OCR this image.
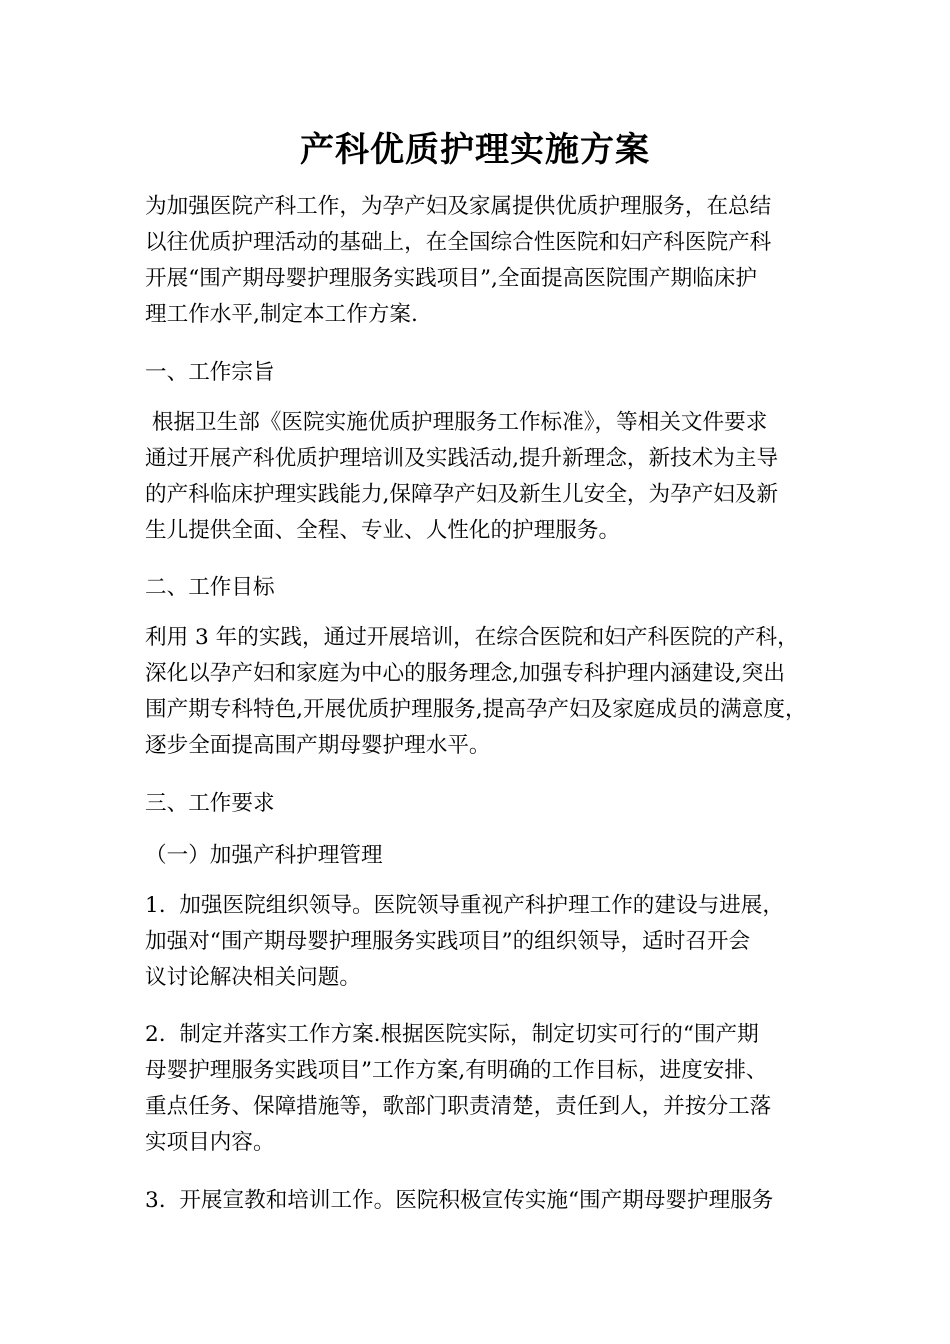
产科优质护理实施方案

为加强医院产科工作，为孕产妇及家属提供优质护理服务，在总结
以往优质护理活动的基础上，在全国综合性医院和妇产科医院产科
开展“围产期母婴护理服务实践项目”,全面提高医院围产期临床护
理工作水平,制定本工作方案.

一、工作宗旨

根据卫生部《医院实施优质护理服务工作标准》，等相关文件要求
通过开展产科优质护理培训及实践活动,提升新理念，新技术为主导
的产科临床护理实践能力,保障孕产妇及新生儿安全，为孕产妇及新
生儿提供全面、全程、专业、人性化的护理服务。

二、工作目标

利用 3 年的实践，通过开展培训，在综合医院和妇产科医院的产科，
深化以孕产妇和家庭为中心的服务理念,加强专科护理内涵建设,突出
围产期专科特色,开展优质护理服务,提高孕产妇及家庭成员的满意度，
逐步全面提高围产期母婴护理水平。

三、工作要求

（一）加强产科护理管理

1.  加强医院组织领导。医院领导重视产科护理工作的建设与进展，
加强对“围产期母婴护理服务实践项目”的组织领导，适时召开会
议讨论解决相关问题。

2.  制定并落实工作方案.根据医院实际，制定切实可行的“围产期
母婴护理服务实践项目”工作方案,有明确的工作目标，进度安排、
重点任务、保障措施等，歌部门职责清楚，责任到人，并按分工落
实项目内容。

3.  开展宣教和培训工作。医院积极宣传实施“围产期母婴护理服务
